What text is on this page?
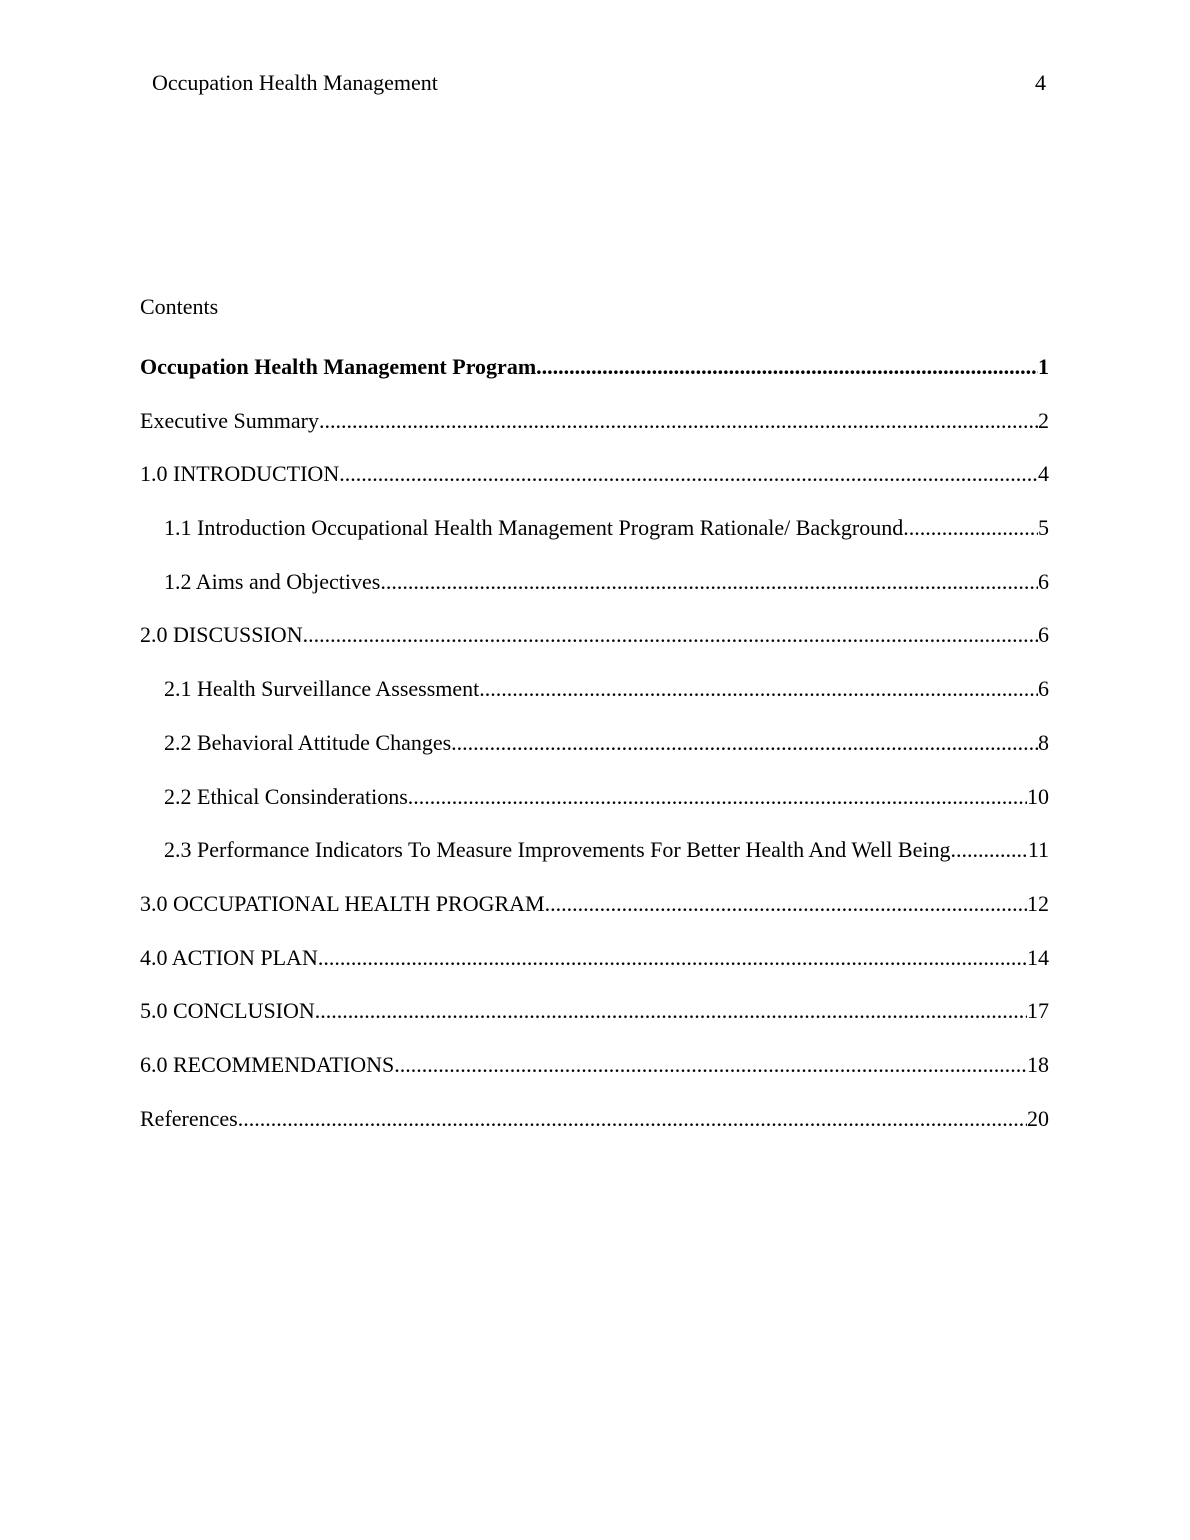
Occupation Health Management	4
Contents
Occupation Health Management Program .....	1
Executive Summary .....	2
1.0 INTRODUCTION .....	4
1.1 Introduction Occupational Health Management Program Rationale/ Background .....	5
1.2 Aims and Objectives .....	6
2.0 DISCUSSION .....	6
2.1 Health Surveillance Assessment .....	6
2.2 Behavioral Attitude Changes .....	8
2.2 Ethical Consinderations .....	10
2.3 Performance Indicators To Measure Improvements For Better Health And Well Being .....	11
3.0 OCCUPATIONAL HEALTH PROGRAM .....	12
4.0 ACTION PLAN .....	14
5.0 CONCLUSION .....	17
6.0 RECOMMENDATIONS .....	18
References .....	20
